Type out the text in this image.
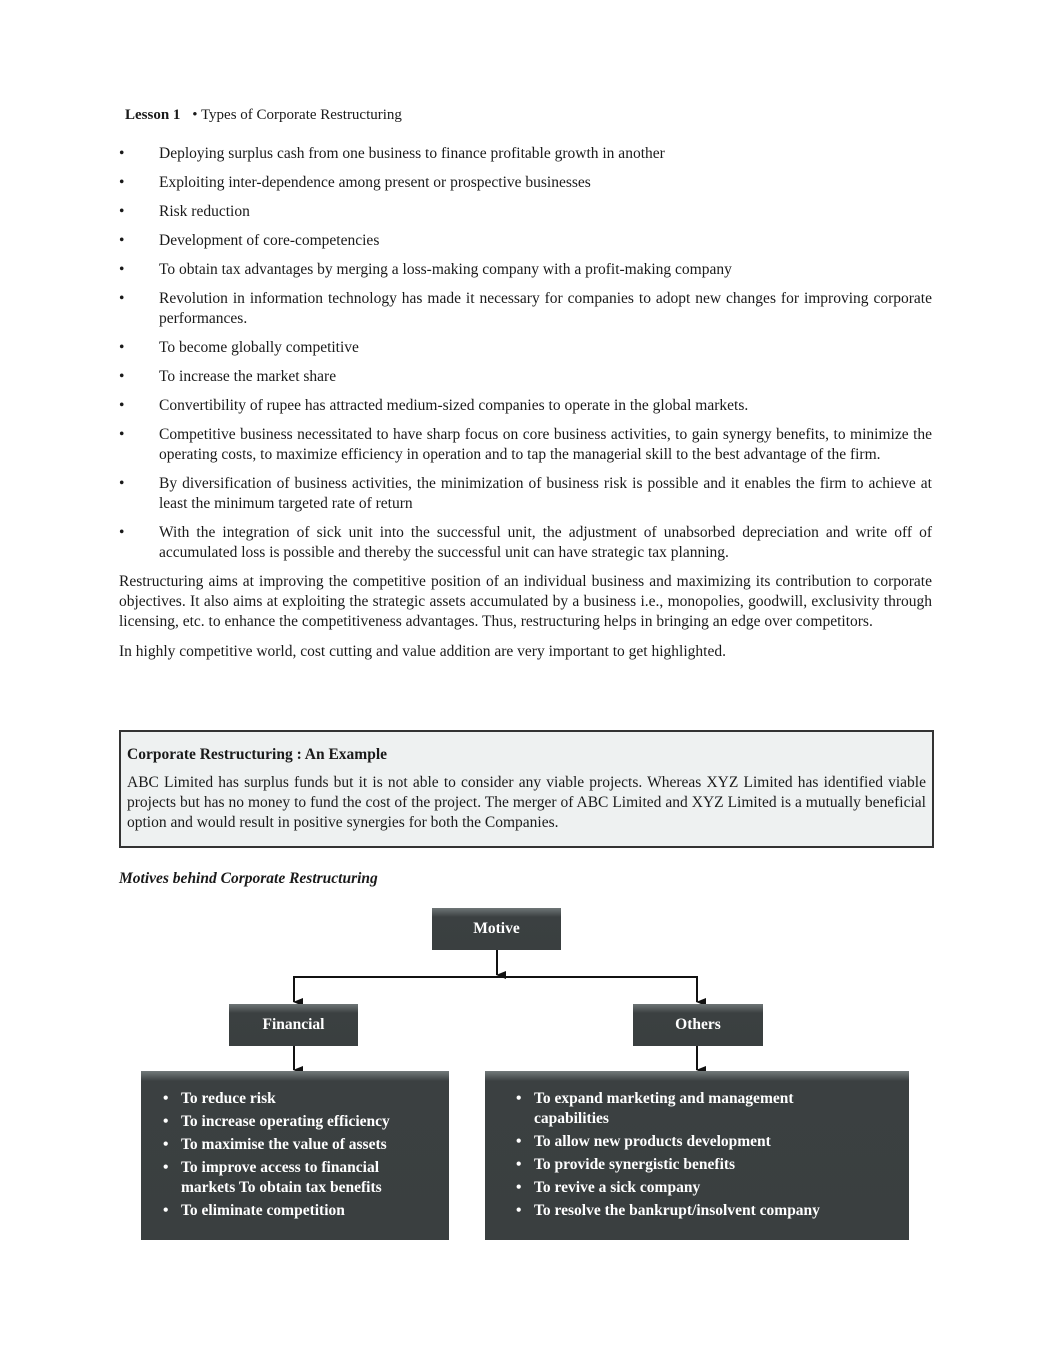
Lesson 1 • Types of Corporate Restructuring
• Deploying surplus cash from one business to finance profitable growth in another
• Exploiting inter-dependence among present or prospective businesses
• Risk reduction
• Development of core-competencies
• To obtain tax advantages by merging a loss-making company with a profit-making company
• Revolution in information technology has made it necessary for companies to adopt new changes for improving corporate performances.
• To become globally competitive
• To increase the market share
• Convertibility of rupee has attracted medium-sized companies to operate in the global markets.
• Competitive business necessitated to have sharp focus on core business activities, to gain synergy benefits, to minimize the operating costs, to maximize efficiency in operation and to tap the managerial skill to the best advantage of the firm.
• By diversification of business activities, the minimization of business risk is possible and it enables the firm to achieve at least the minimum targeted rate of return
• With the integration of sick unit into the successful unit, the adjustment of unabsorbed depreciation and write off of accumulated loss is possible and thereby the successful unit can have strategic tax planning.

Restructuring aims at improving the competitive position of an individual business and maximizing its contribution to corporate objectives. It also aims at exploiting the strategic assets accumulated by a business i.e., monopolies, goodwill, exclusivity through licensing, etc. to enhance the competitiveness advantages. Thus, restructuring helps in bringing an edge over competitors.

In highly competitive world, cost cutting and value addition are very important to get highlighted.

Corporate Restructuring : An Example
ABC Limited has surplus funds but it is not able to consider any viable projects. Whereas XYZ Limited has identified viable projects but has no money to fund the cost of the project. The merger of ABC Limited and XYZ Limited is a mutually beneficial option and would result in positive synergies for both the Companies.
Motives behind Corporate Restructuring
Motive
Financial	Others
• To reduce risk
• To increase operating efficiency
• To maximise the value of assets
• To improve access to financial markets To obtain tax benefits
• To eliminate competition
• To expand marketing and management capabilities
• To allow new products development
• To provide synergistic benefits
• To revive a sick company
• To resolve the bankrupt/insolvent company
